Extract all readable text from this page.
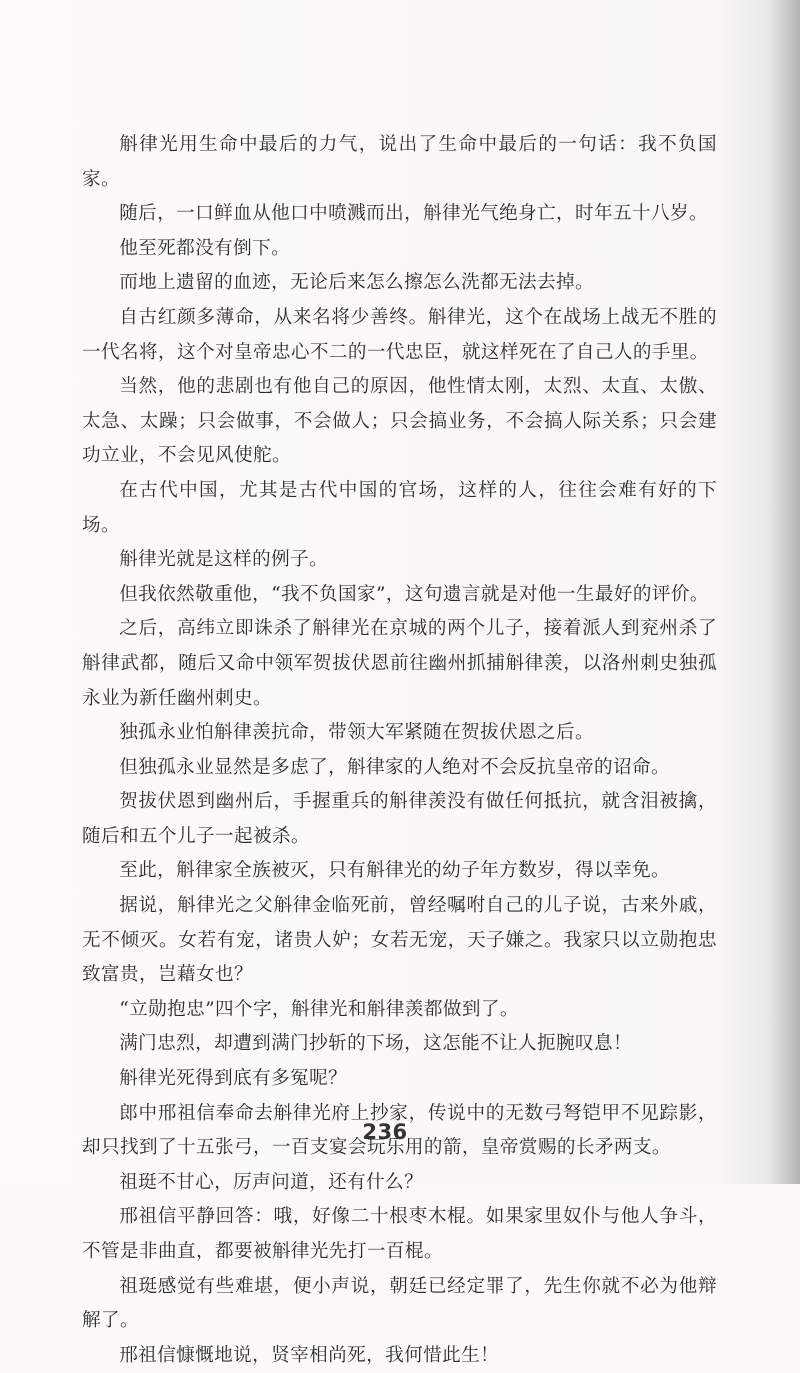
斛律光用生命中最后的力气，说出了生命中最后的一句话：我不负国家。

随后，一口鲜血从他口中喷溅而出，斛律光气绝身亡，时年五十八岁。

他至死都没有倒下。

而地上遗留的血迹，无论后来怎么擦怎么洗都无法去掉。

自古红颜多薄命，从来名将少善终。斛律光，这个在战场上战无不胜的一代名将，这个对皇帝忠心不二的一代忠臣，就这样死在了自己人的手里。

当然，他的悲剧也有他自己的原因，他性情太刚，太烈、太直、太傲、太急、太躁；只会做事，不会做人；只会搞业务，不会搞人际关系；只会建功立业，不会见风使舵。

在古代中国，尤其是古代中国的官场，这样的人，往往会难有好的下场。

斛律光就是这样的例子。

但我依然敬重他，“我不负国家”，这句遗言就是对他一生最好的评价。

之后，高纬立即诛杀了斛律光在京城的两个儿子，接着派人到兖州杀了斛律武都，随后又命中领军贺拔伏恩前往幽州抓捕斛律羡，以洛州刺史独孤永业为新任幽州刺史。

独孤永业怕斛律羡抗命，带领大军紧随在贺拔伏恩之后。

但独孤永业显然是多虑了，斛律家的人绝对不会反抗皇帝的诏命。

贺拔伏恩到幽州后，手握重兵的斛律羡没有做任何抵抗，就含泪被擒，随后和五个儿子一起被杀。

至此，斛律家全族被灭，只有斛律光的幼子年方数岁，得以幸免。

据说，斛律光之父斛律金临死前，曾经嘱咐自己的儿子说，古来外戚，无不倾灭。女若有宠，诸贵人妒；女若无宠，天子嫌之。我家只以立勋抱忠致富贵，岂藉女也？

“立勋抱忠”四个字，斛律光和斛律羡都做到了。

满门忠烈，却遭到满门抄斩的下场，这怎能不让人扼腕叹息！

斛律光死得到底有多冤呢？

郎中邢祖信奉命去斛律光府上抄家，传说中的无数弓弩铠甲不见踪影，却只找到了十五张弓，一百支宴会玩乐用的箭，皇帝赏赐的长矛两支。

祖珽不甘心，厉声问道，还有什么？

邢祖信平静回答：哦，好像二十根枣木棍。如果家里奴仆与他人争斗，不管是非曲直，都要被斛律光先打一百棍。

祖珽感觉有些难堪，便小声说，朝廷已经定罪了，先生你就不必为他辩解了。

邢祖信慷慨地说，贤宰相尚死，我何惜此生！

236
